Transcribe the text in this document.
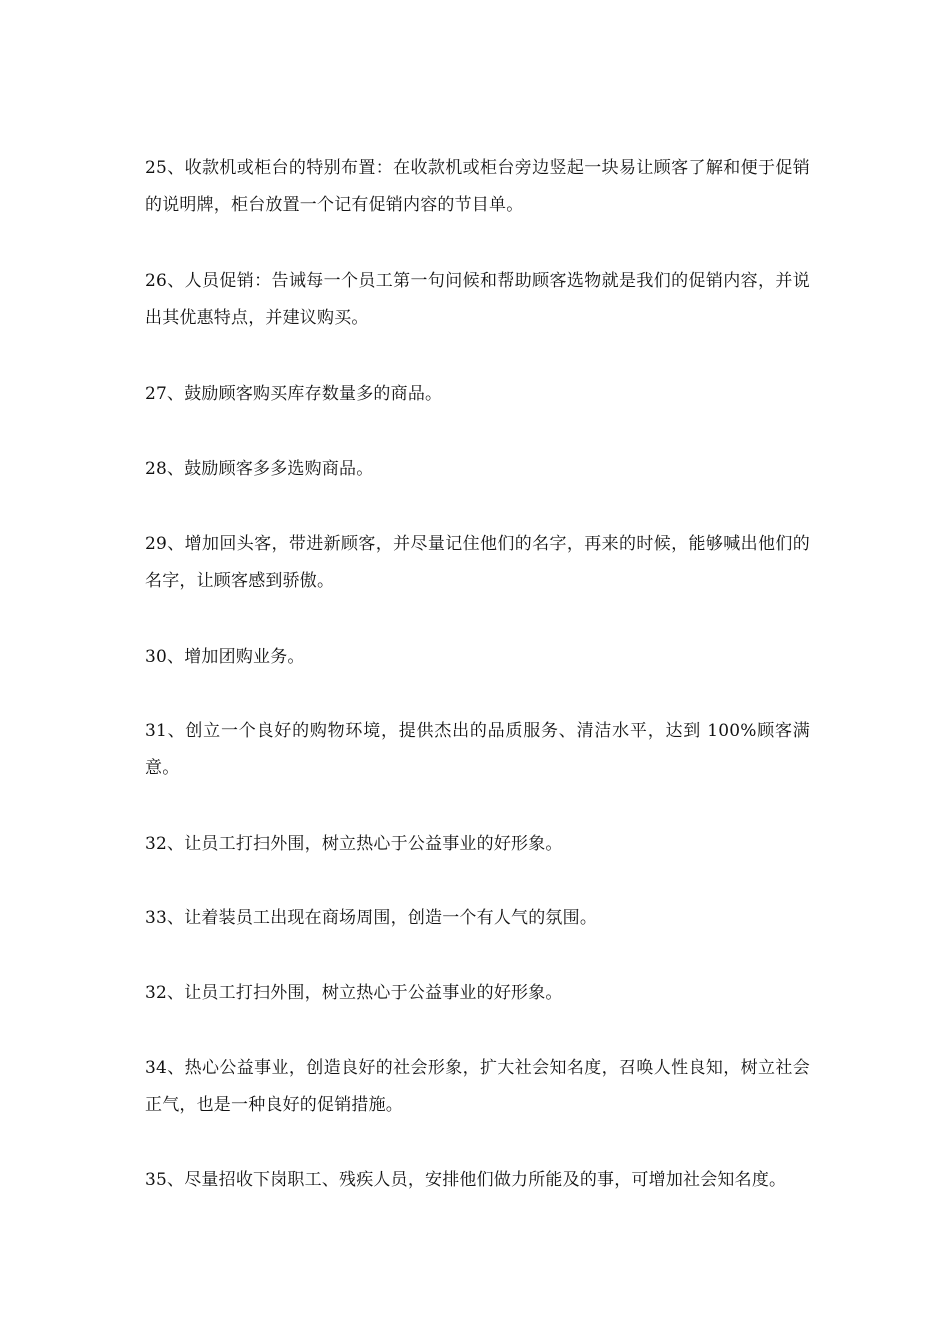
25、收款机或柜台的特别布置：在收款机或柜台旁边竖起一块易让顾客了解和便于促销的说明牌，柜台放置一个记有促销内容的节目单。

26、人员促销：告诫每一个员工第一句问候和帮助顾客选物就是我们的促销内容，并说出其优惠特点，并建议购买。

27、鼓励顾客购买库存数量多的商品。

28、鼓励顾客多多选购商品。

29、增加回头客，带进新顾客，并尽量记住他们的名字，再来的时候，能够喊出他们的名字，让顾客感到骄傲。

30、增加团购业务。

31、创立一个良好的购物环境，提供杰出的品质服务、清洁水平，达到 100%顾客满意。

32、让员工打扫外围，树立热心于公益事业的好形象。

33、让着装员工出现在商场周围，创造一个有人气的氛围。

32、让员工打扫外围，树立热心于公益事业的好形象。

34、热心公益事业，创造良好的社会形象，扩大社会知名度，召唤人性良知，树立社会正气，也是一种良好的促销措施。

35、尽量招收下岗职工、残疾人员，安排他们做力所能及的事，可增加社会知名度。
